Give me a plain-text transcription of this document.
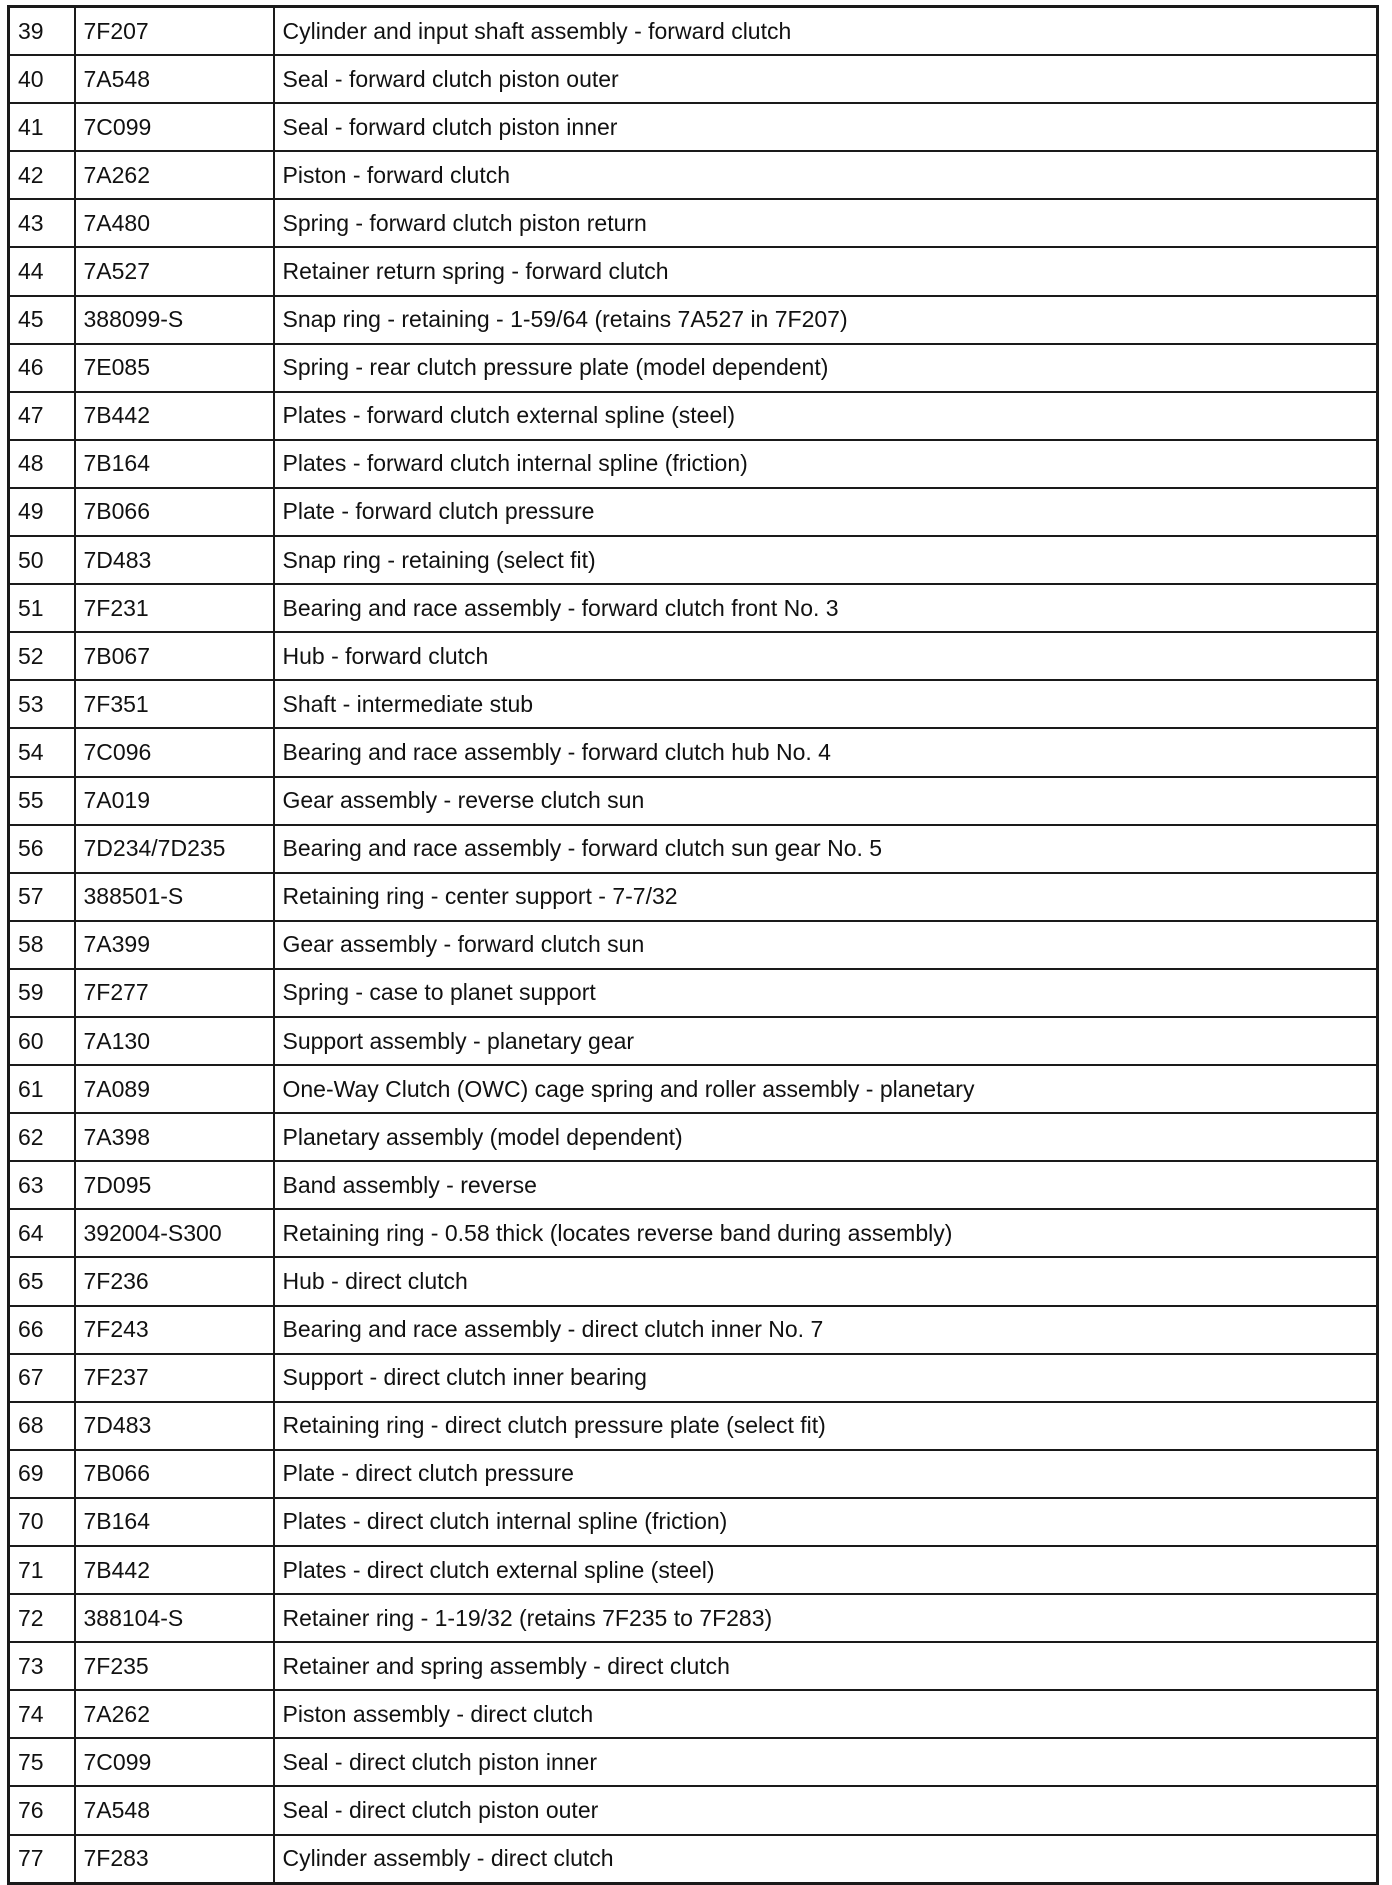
39	7F207	Cylinder and input shaft assembly - forward clutch
40	7A548	Seal - forward clutch piston outer
41	7C099	Seal - forward clutch piston inner
42	7A262	Piston - forward clutch
43	7A480	Spring - forward clutch piston return
44	7A527	Retainer return spring - forward clutch
45	388099-S	Snap ring - retaining - 1-59/64 (retains 7A527 in 7F207)
46	7E085	Spring - rear clutch pressure plate (model dependent)
47	7B442	Plates - forward clutch external spline (steel)
48	7B164	Plates - forward clutch internal spline (friction)
49	7B066	Plate - forward clutch pressure
50	7D483	Snap ring - retaining (select fit)
51	7F231	Bearing and race assembly - forward clutch front No. 3
52	7B067	Hub - forward clutch
53	7F351	Shaft - intermediate stub
54	7C096	Bearing and race assembly - forward clutch hub No. 4
55	7A019	Gear assembly - reverse clutch sun
56	7D234/7D235	Bearing and race assembly - forward clutch sun gear No. 5
57	388501-S	Retaining ring - center support - 7-7/32
58	7A399	Gear assembly - forward clutch sun
59	7F277	Spring - case to planet support
60	7A130	Support assembly - planetary gear
61	7A089	One-Way Clutch (OWC) cage spring and roller assembly - planetary
62	7A398	Planetary assembly (model dependent)
63	7D095	Band assembly - reverse
64	392004-S300	Retaining ring - 0.58 thick (locates reverse band during assembly)
65	7F236	Hub - direct clutch
66	7F243	Bearing and race assembly - direct clutch inner No. 7
67	7F237	Support - direct clutch inner bearing
68	7D483	Retaining ring - direct clutch pressure plate (select fit)
69	7B066	Plate - direct clutch pressure
70	7B164	Plates - direct clutch internal spline (friction)
71	7B442	Plates - direct clutch external spline (steel)
72	388104-S	Retainer ring - 1-19/32 (retains 7F235 to 7F283)
73	7F235	Retainer and spring assembly - direct clutch
74	7A262	Piston assembly - direct clutch
75	7C099	Seal - direct clutch piston inner
76	7A548	Seal - direct clutch piston outer
77	7F283	Cylinder assembly - direct clutch
